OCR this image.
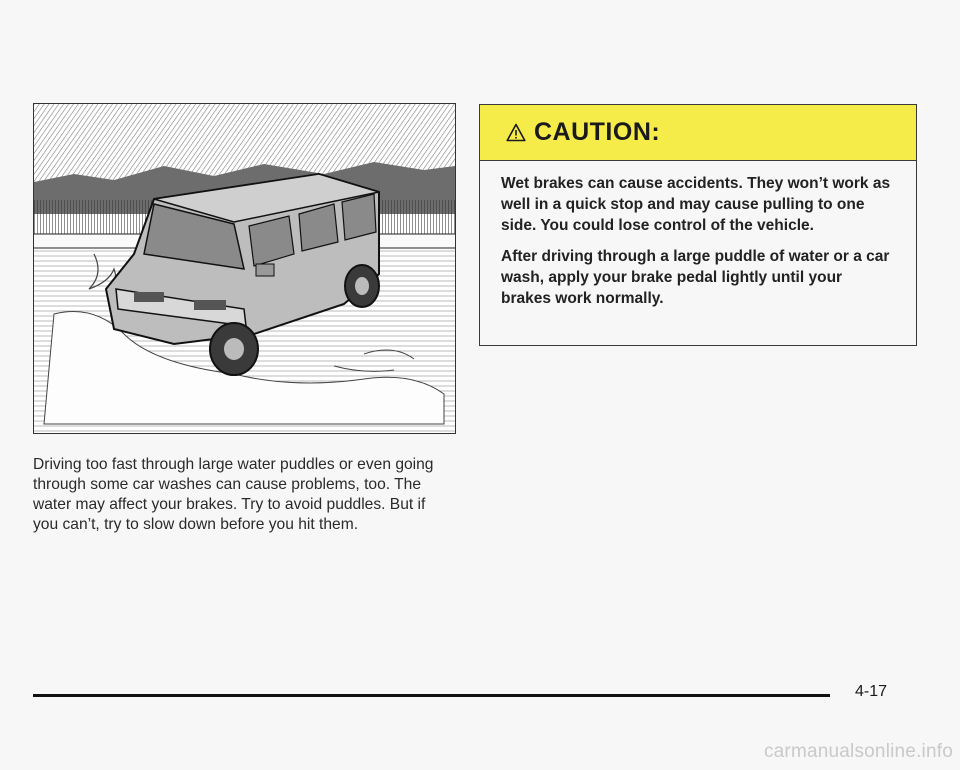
Driving too fast through large water puddles or even going through some car washes can cause problems, too. The water may affect your brakes. Try to avoid puddles. But if you can’t, try to slow down before you hit them.

CAUTION:

Wet brakes can cause accidents. They won’t work as well in a quick stop and may cause pulling to one side. You could lose control of the vehicle.

After driving through a large puddle of water or a car wash, apply your brake pedal lightly until your brakes work normally.

4-17
carmanualsonline.info
